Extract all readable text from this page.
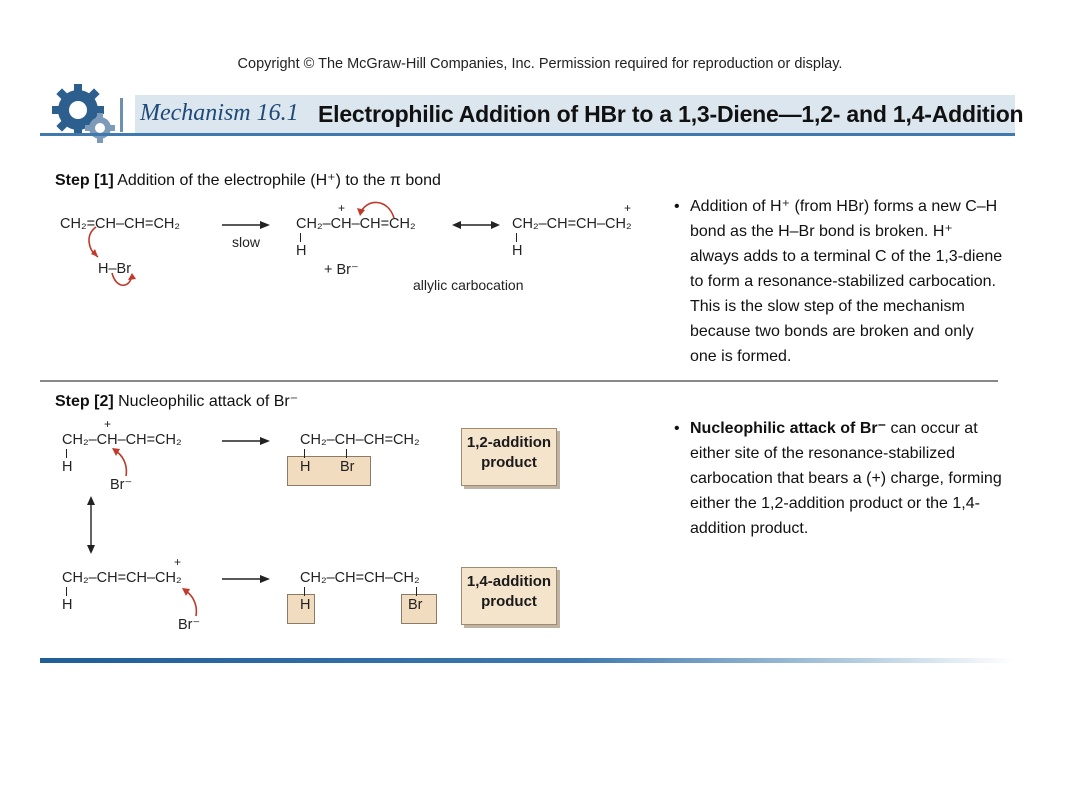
Copyright © The McGraw-Hill Companies, Inc. Permission required for reproduction or display.
Mechanism 16.1 Electrophilic Addition of HBr to a 1,3-Diene—1,2- and 1,4-Addition
Step [1] Addition of the electrophile (H⁺) to the π bond
CH₂=CH–CH=CH₂
H–Br
slow
CH₂–CH–CH=CH₂
+
H
+ Br⁻
CH₂–CH=CH–CH₂
+
H
allylic carbocation
• Addition of H⁺ (from HBr) forms a new C–H bond as the H–Br bond is broken. H⁺ always adds to a terminal C of the 1,3-diene to form a resonance-stabilized carbocation. This is the slow step of the mechanism because two bonds are broken and only one is formed.
Step [2] Nucleophilic attack of Br⁻
CH₂–CH–CH=CH₂
+
H
Br⁻
CH₂–CH–CH=CH₂
H Br
1,2-addition product
CH₂–CH=CH–CH₂
+
H
Br⁻
CH₂–CH=CH–CH₂
H	Br
1,4-addition product
• Nucleophilic attack of Br⁻ can occur at either site of the resonance-stabilized carbocation that bears a (+) charge, forming either the 1,2-addition product or the 1,4-addition product.
